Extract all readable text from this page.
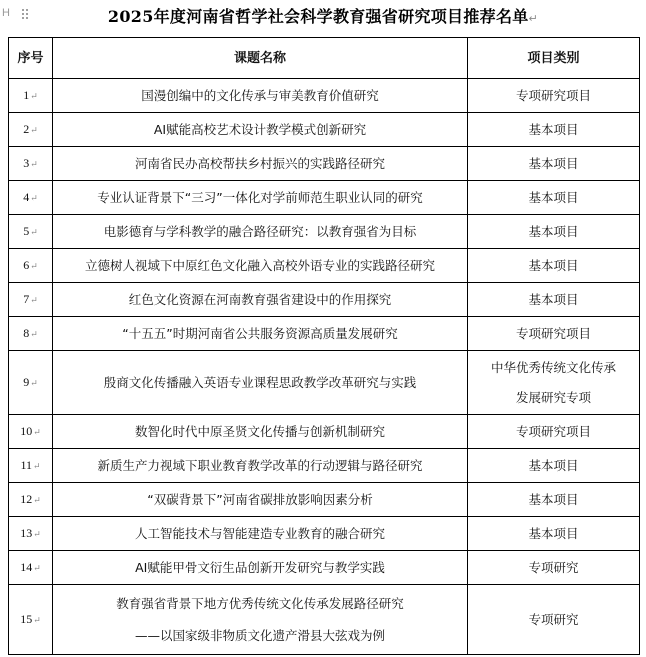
H	2025年度河南省哲学社会科学教育强省研究项目推荐名单↵
序号	课题名称	项目类别
1↵	国漫创编中的文化传承与审美教育价值研究	专项研究项目

2↵	AI赋能高校艺术设计教学模式创新研究	基本项目

3↵	河南省民办高校帮扶乡村振兴的实践路径研究	基本项目

4↵	专业认证背景下“三习”一体化对学前师范生职业认同的研究	基本项目

5↵	电影德育与学科教学的融合路径研究：以教育强省为目标	基本项目

6↵	立德树人视域下中原红色文化融入高校外语专业的实践路径研究	基本项目

7↵	红色文化资源在河南教育强省建设中的作用探究	基本项目

8↵	“十五五”时期河南省公共服务资源高质量发展研究	专项研究项目

9↵	殷商文化传播融入英语专业课程思政教学改革研究与实践	中华优秀传统文化传承
发展研究专项

10↵	数智化时代中原圣贤文化传播与创新机制研究	专项研究项目

11↵	新质生产力视域下职业教育教学改革的行动逻辑与路径研究	基本项目

12↵	“双碳背景下”河南省碳排放影响因素分析	基本项目

13↵	人工智能技术与智能建造专业教育的融合研究	基本项目

14↵	AI赋能甲骨文衍生品创新开发研究与教学实践	专项研究

15↵	教育强省背景下地方优秀传统文化传承发展路径研究
——以国家级非物质文化遗产滑县大弦戏为例	专项研究
